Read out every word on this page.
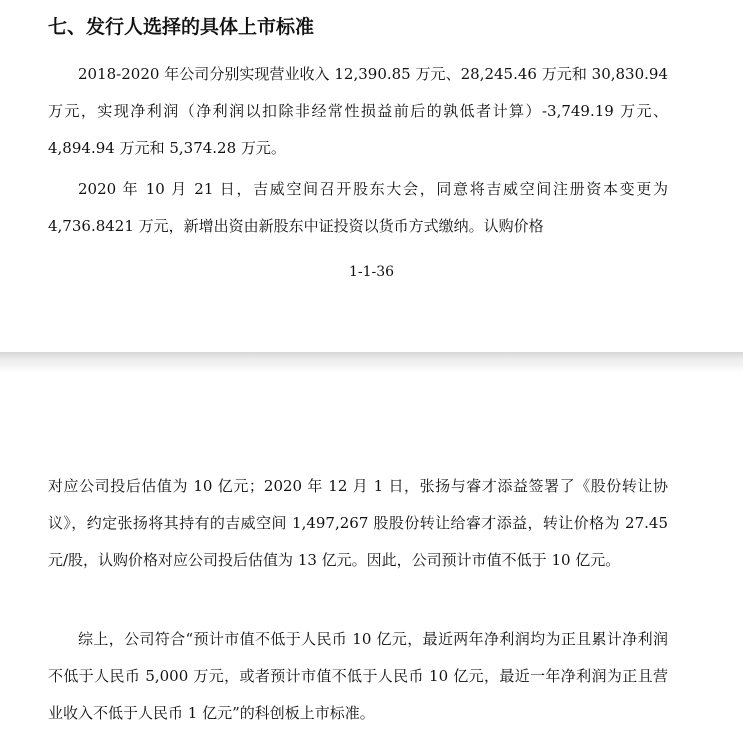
七、发行人选择的具体上市标准

2018-2020 年公司分别实现营业收入 12,390.85 万元、28,245.46 万元和 30,830.94 万元，实现净利润（净利润以扣除非经常性损益前后的孰低者计算）-3,749.19 万元、4,894.94 万元和 5,374.28 万元。

2020 年 10 月 21 日，吉威空间召开股东大会，同意将吉威空间注册资本变更为 4,736.8421 万元，新增出资由新股东中证投资以货币方式缴纳。认购价格

1-1-36

对应公司投后估值为 10 亿元；2020 年 12 月 1 日，张扬与睿才添益签署了《股份转让协议》，约定张扬将其持有的吉威空间 1,497,267 股股份转让给睿才添益，转让价格为 27.45 元/股，认购价格对应公司投后估值为 13 亿元。因此，公司预计市值不低于 10 亿元。

综上，公司符合“预计市值不低于人民币 10 亿元，最近两年净利润均为正且累计净利润不低于人民币 5,000 万元，或者预计市值不低于人民币 10 亿元，最近一年净利润为正且营业收入不低于人民币 1 亿元”的科创板上市标准。
